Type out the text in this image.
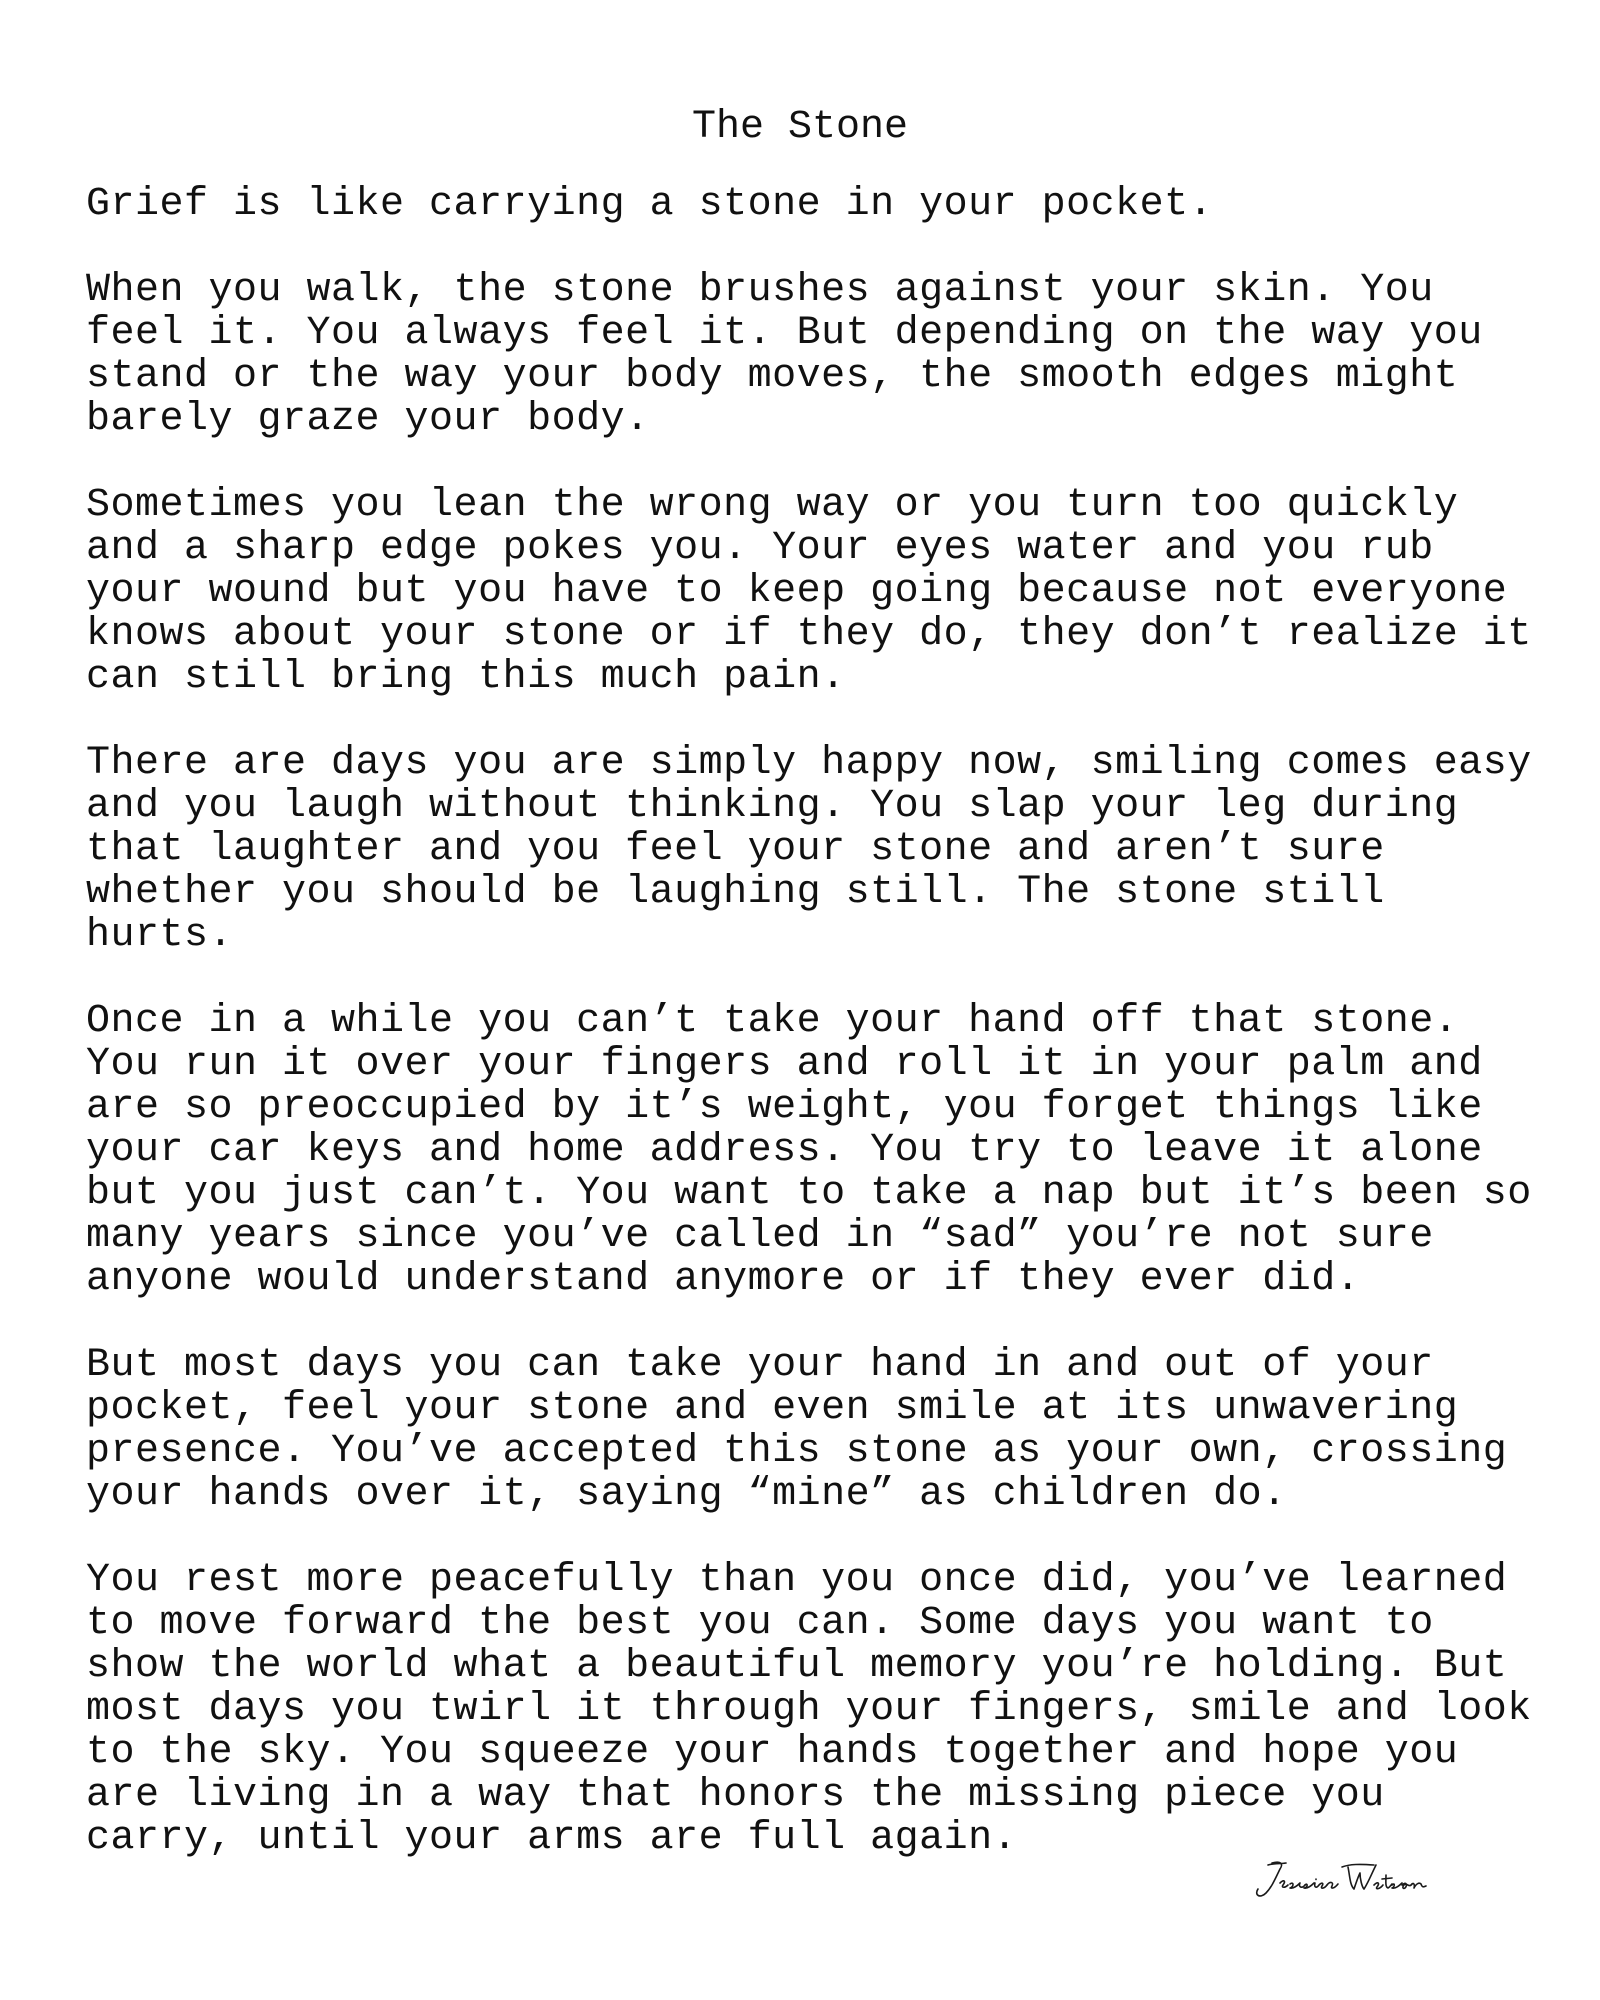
The Stone

Grief is like carrying a stone in your pocket.

When you walk, the stone brushes against your skin. You
feel it. You always feel it. But depending on the way you
stand or the way your body moves, the smooth edges might
barely graze your body.

Sometimes you lean the wrong way or you turn too quickly
and a sharp edge pokes you. Your eyes water and you rub
your wound but you have to keep going because not everyone
knows about your stone or if they do, they don’t realize it
can still bring this much pain.

There are days you are simply happy now, smiling comes easy
and you laugh without thinking. You slap your leg during
that laughter and you feel your stone and aren’t sure
whether you should be laughing still. The stone still
hurts.

Once in a while you can’t take your hand off that stone.
You run it over your fingers and roll it in your palm and
are so preoccupied by it’s weight, you forget things like
your car keys and home address. You try to leave it alone
but you just can’t. You want to take a nap but it’s been so
many years since you’ve called in “sad” you’re not sure
anyone would understand anymore or if they ever did.

But most days you can take your hand in and out of your
pocket, feel your stone and even smile at its unwavering
presence. You’ve accepted this stone as your own, crossing
your hands over it, saying “mine” as children do.

You rest more peacefully than you once did, you’ve learned
to move forward the best you can. Some days you want to
show the world what a beautiful memory you’re holding. But
most days you twirl it through your fingers, smile and look
to the sky. You squeeze your hands together and hope you
are living in a way that honors the missing piece you
carry, until your arms are full again.
